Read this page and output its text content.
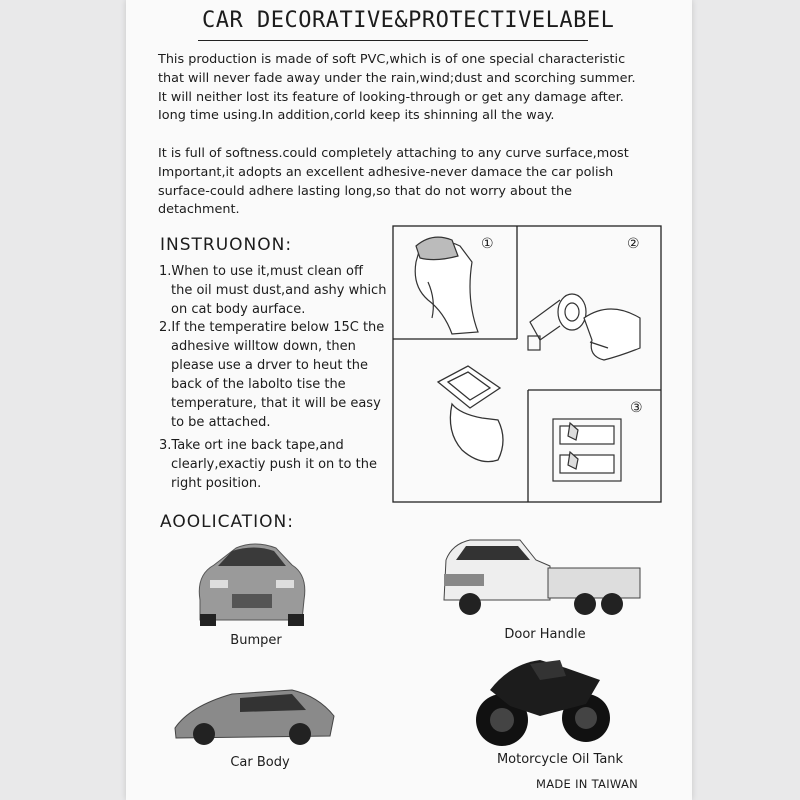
CAR DECORATIVE&PROTECTIVELABEL
This production is made of soft PVC,which is of one special characteristic
that will never fade away under the rain,wind;dust and scorching summer.
It will neither lost its feature of looking-through or get any damage after.
Iong time using.In addition,corld keep its shinning all the way.
It is full of softness.could completely attaching to any curve surface,most
Important,it adopts an excellent adhesive-never damace the car polish
surface-could adhere lasting long,so that do not worry about the
detachment.
INSTRUONON:
1.When to use it,must clean off
the oil must dust,and ashy which
on cat body aurface.
2.If the temperatire below 15C the
adhesive willtow down, then
please use a drver to heut the
back of the labolto tise the
temperature, that it will be easy
to be attached.
3.Take ort ine back tape,and
clearly,exactiy push it on to the
right position.
①	②
③
AOOLICATION:
Bumper	Door Handle
Car Body	Motorcycle Oil Tank
MADE IN TAIWAN
